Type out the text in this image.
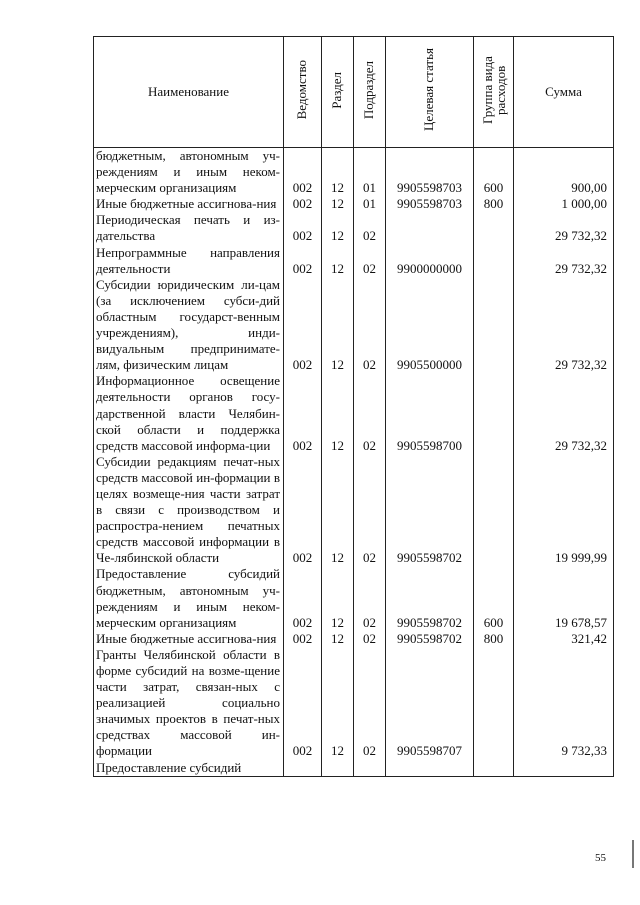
Наименование	Ведомство	Раздел	Подраздел	Целевая статья	Группа вида расходов	Сумма
бюджетным, автономным уч-реждениям и иным неком-мерческим организациям	002	12	01	9905598703	600	900,00
Иные бюджетные ассигнова-ния	002	12	01	9905598703	800	1 000,00
Периодическая печать и из-дательства	002	12	02			29 732,32
Непрограммные направления деятельности	002	12	02	9900000000		29 732,32
Субсидии юридическим ли-цам (за исключением субси-дий областным государст-венным учреждениям), инди-видуальным предпринимате-лям, физическим лицам	002	12	02	9905500000		29 732,32
Информационное освещение деятельности органов госу-дарственной власти Челябин-ской области и поддержка средств массовой информа-ции	002	12	02	9905598700		29 732,32
Субсидии редакциям печат-ных средств массовой ин-формации в целях возмеще-ния части затрат в связи с производством и распростра-нением печатных средств массовой информации в Че-лябинской области	002	12	02	9905598702		19 999,99
Предоставление субсидий бюджетным, автономным уч-реждениям и иным неком-мерческим организациям	002	12	02	9905598702	600	19 678,57
Иные бюджетные ассигнова-ния	002	12	02	9905598702	800	321,42
Гранты Челябинской области в форме субсидий на возме-щение части затрат, связан-ных с реализацией социально значимых проектов в печат-ных средствах массовой ин-формации	002	12	02	9905598707		9 732,33
Предоставление субсидий						
55
